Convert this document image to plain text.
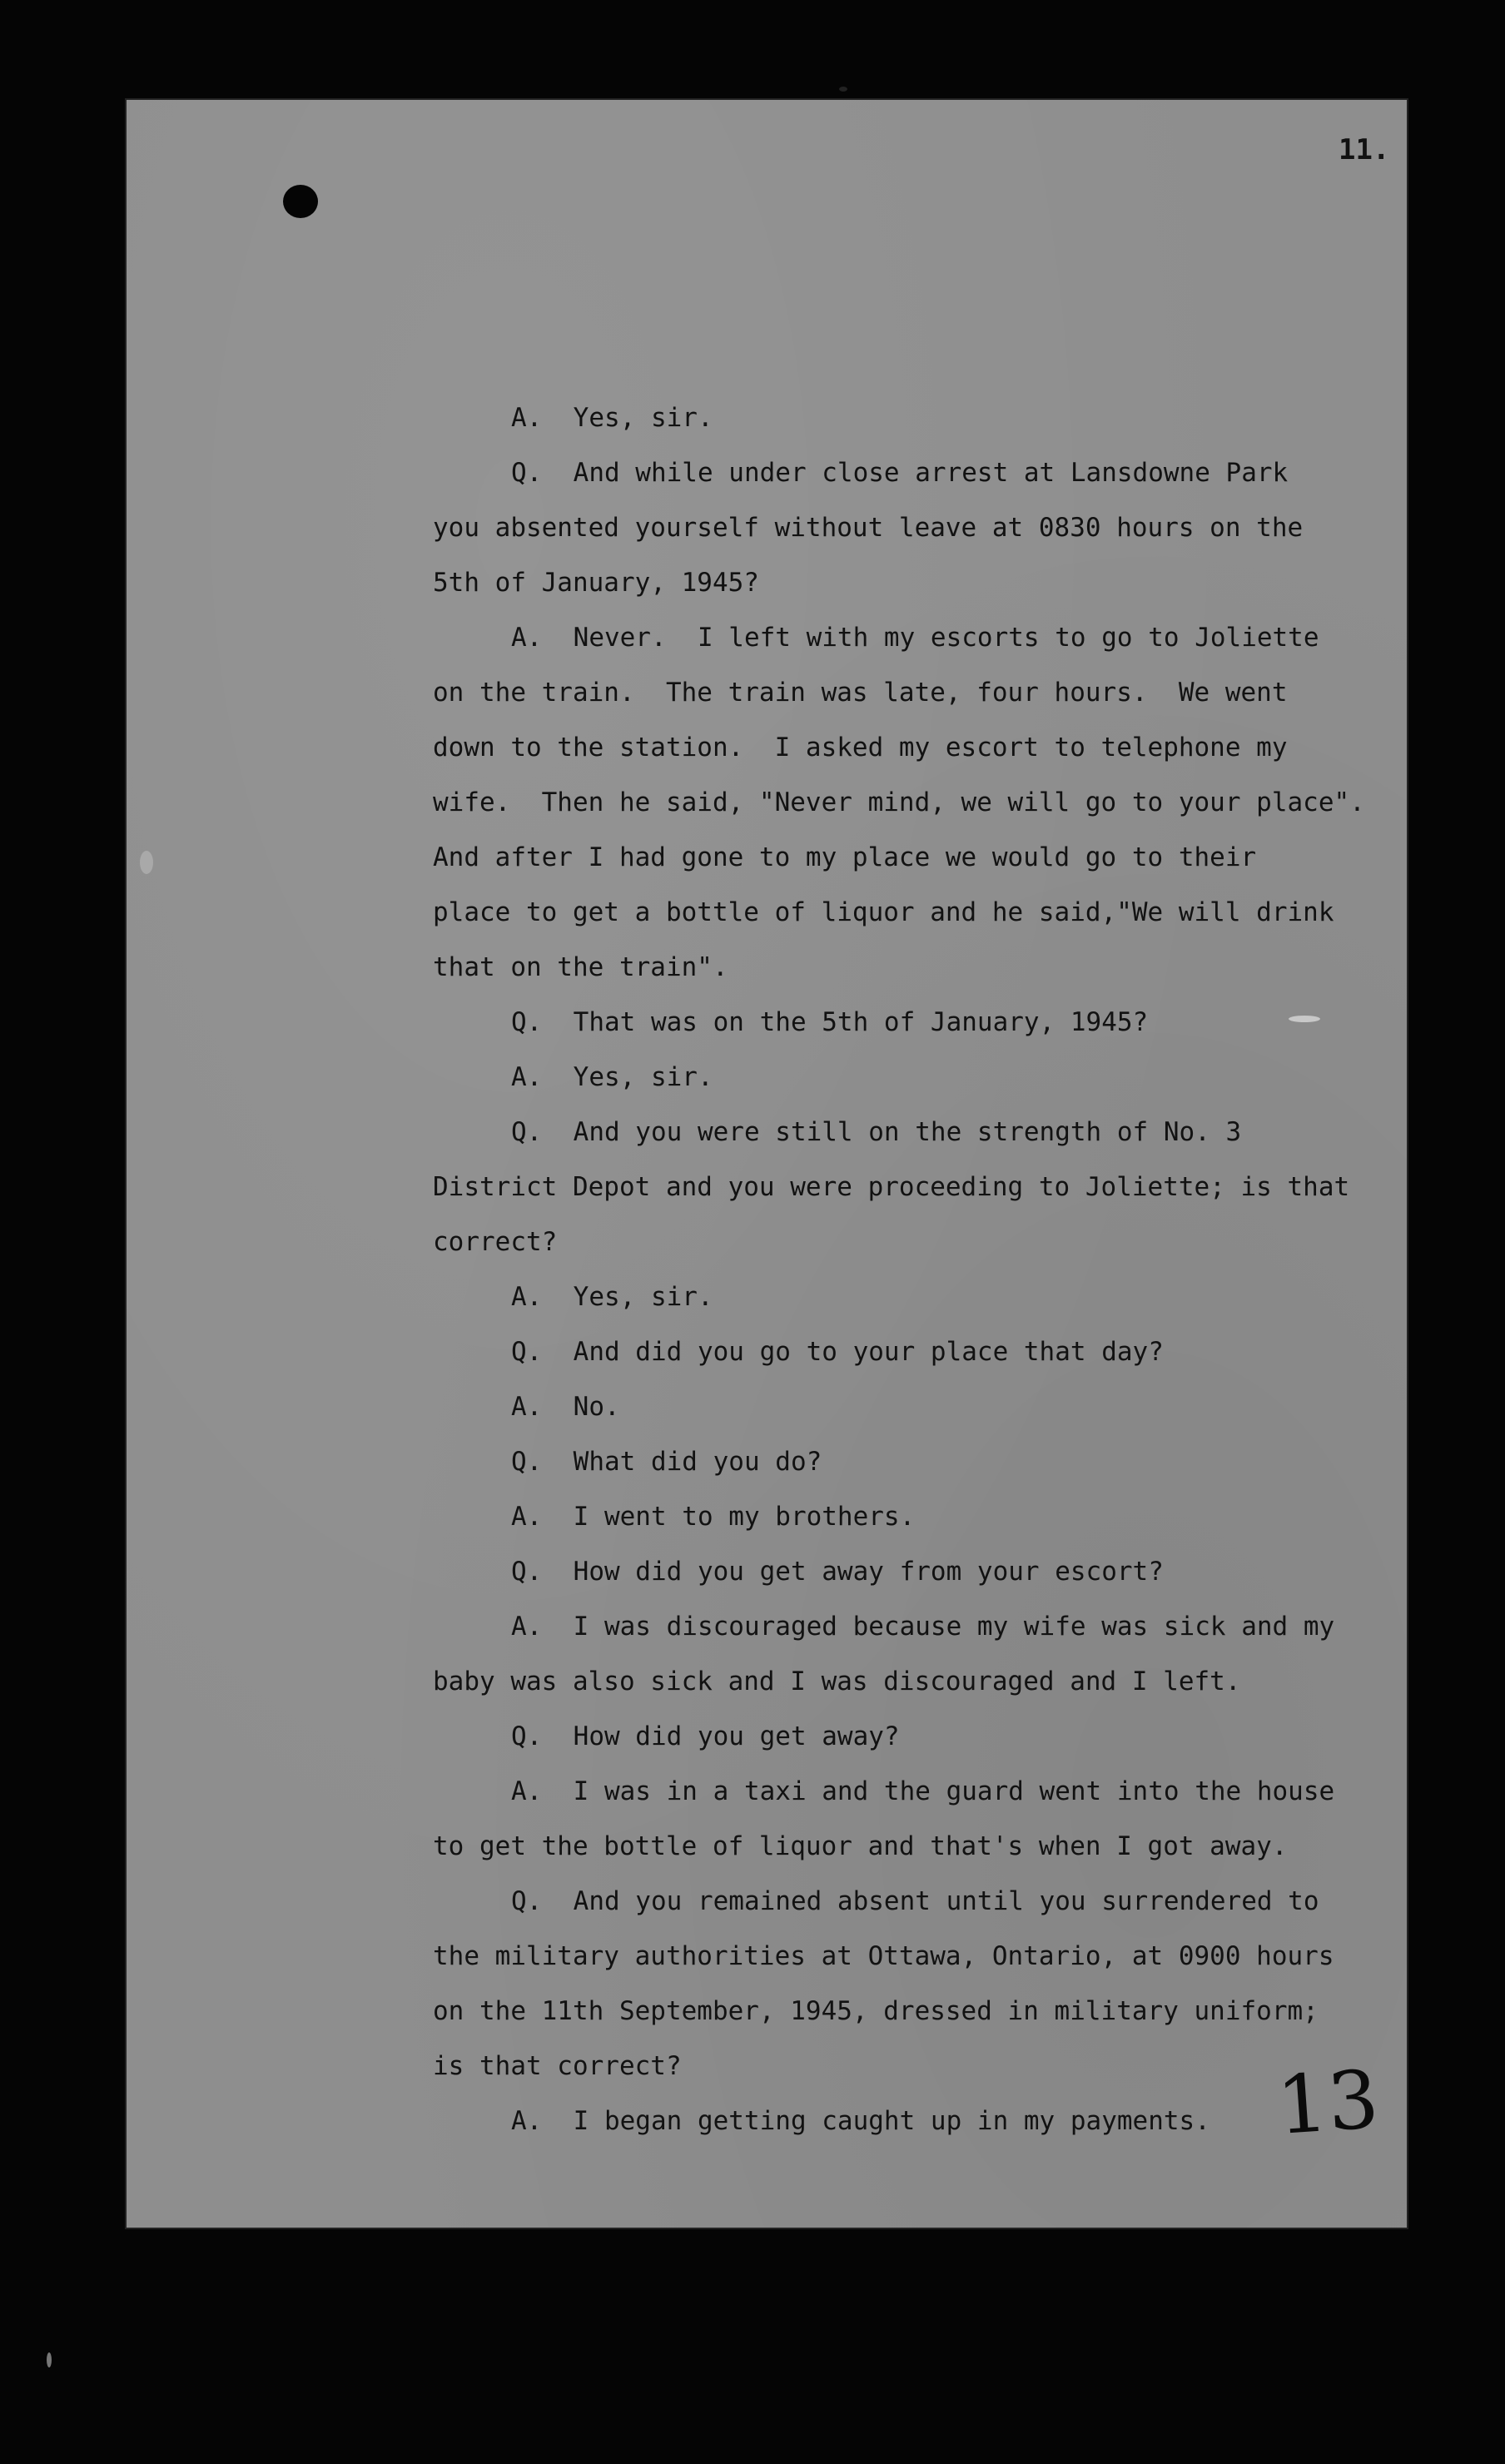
A.  Yes, sir.
Q.  And while under close arrest at Lansdowne Park
you absented yourself without leave at 0830 hours on the
5th of January, 1945?
A.  Never.  I left with my escorts to go to Joliette
on the train.  The train was late, four hours.  We went
down to the station.  I asked my escort to telephone my
wife.  Then he said, "Never mind, we will go to your place".
And after I had gone to my place we would go to their
place to get a bottle of liquor and he said,"We will drink
that on the train".
Q.  That was on the 5th of January, 1945?
A.  Yes, sir.
Q.  And you were still on the strength of No. 3
District Depot and you were proceeding to Joliette; is that
correct?
A.  Yes, sir.
Q.  And did you go to your place that day?
A.  No.
Q.  What did you do?
A.  I went to my brothers.
Q.  How did you get away from your escort?
A.  I was discouraged because my wife was sick and my
baby was also sick and I was discouraged and I left.
Q.  How did you get away?
A.  I was in a taxi and the guard went into the house
to get the bottle of liquor and that's when I got away.
Q.  And you remained absent until you surrendered to
the military authorities at Ottawa, Ontario, at 0900 hours
on the 11th September, 1945, dressed in military uniform;
is that correct?
A.  I began getting caught up in my payments.
11.
13
